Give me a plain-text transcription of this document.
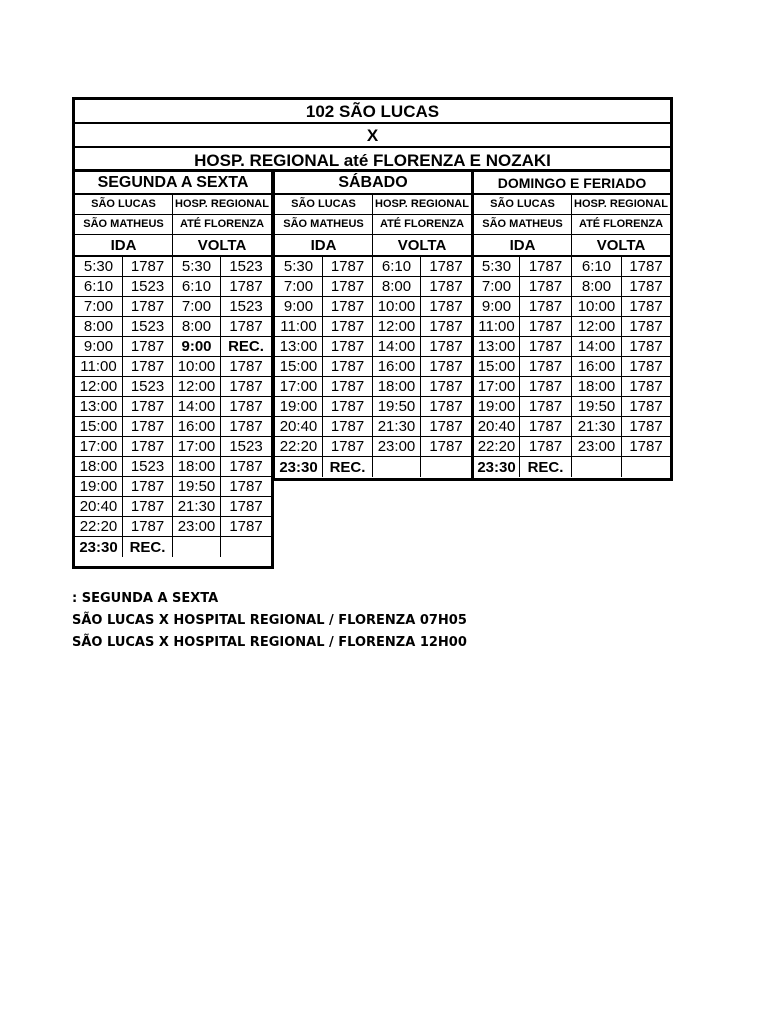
102 SÃO LUCAS
X
HOSP. REGIONAL até FLORENZA E NOZAKI
SEGUNDA A SEXTA
SÃO LUCAS	HOSP. REGIONAL
SÃO MATHEUS	ATÉ FLORENZA
IDA	VOLTA
5:30	1787	5:30	1523
6:10	1523	6:10	1787
7:00	1787	7:00	1523
8:00	1523	8:00	1787
9:00	1787	9:00	REC.
11:00 1787 10:00 1787
12:00 1523 12:00 1787
13:00 1787 14:00 1787
15:00 1787 16:00 1787
17:00 1787 17:00 1523
18:00 1523 18:00 1787
19:00 1787 19:50 1787
20:40 1787 21:30 1787
22:20 1787 23:00 1787
23:30 REC.
SÁBADO
SÃO LUCAS	HOSP. REGIONAL
SÃO MATHEUS	ATÉ FLORENZA
IDA	VOLTA
5:30	1787	6:10	1787
7:00	1787	8:00	1787
9:00	1787 10:00 1787
11:00 1787 12:00 1787
13:00 1787 14:00 1787
15:00 1787 16:00 1787
17:00 1787 18:00 1787
19:00 1787 19:50 1787
20:40 1787 21:30 1787
22:20 1787 23:00 1787
23:30 REC.
DOMINGO E FERIADO
SÃO LUCAS	HOSP. REGIONAL
SÃO MATHEUS	ATÉ FLORENZA
IDA	VOLTA
5:30	1787	6:10	1787
7:00	1787	8:00	1787
9:00	1787	10:00 1787
11:00 1787	12:00 1787
13:00 1787	14:00 1787
15:00 1787	16:00 1787
17:00 1787	18:00 1787
19:00 1787	19:50 1787
20:40 1787	21:30 1787
22:20 1787	23:00 1787
23:30 REC.
: SEGUNDA A SEXTA
SÃO LUCAS X HOSPITAL REGIONAL / FLORENZA 07H05
SÃO LUCAS X HOSPITAL REGIONAL / FLORENZA 12H00
